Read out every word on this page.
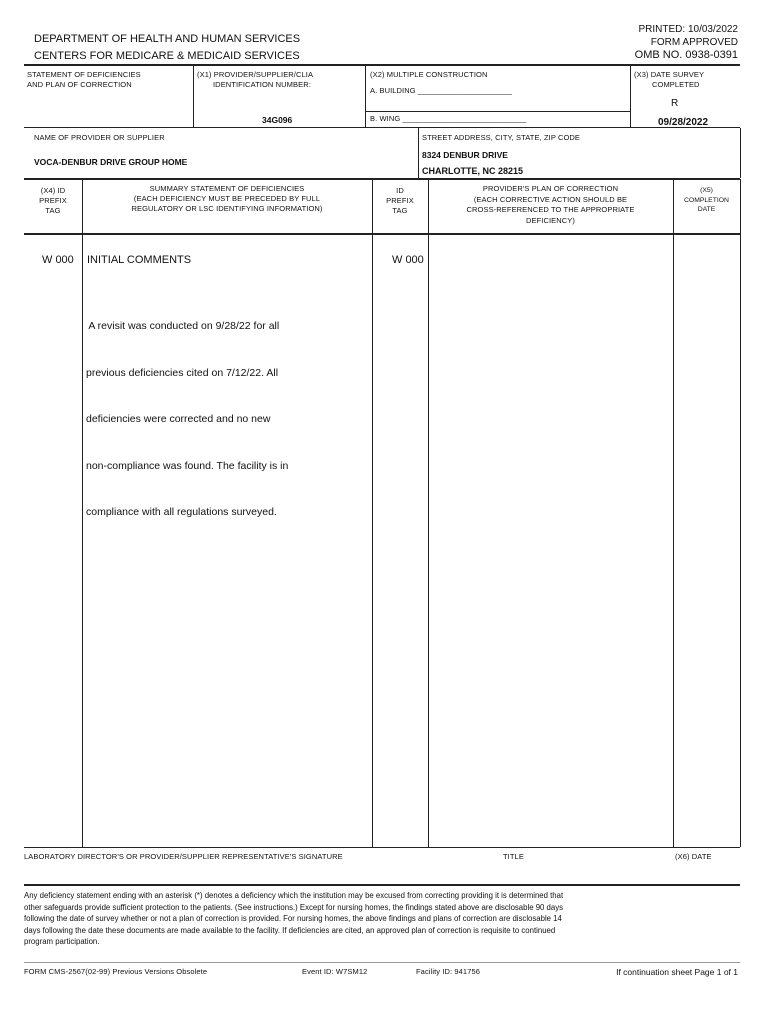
DEPARTMENT OF HEALTH AND HUMAN SERVICES
CENTERS FOR MEDICARE & MEDICAID SERVICES
PRINTED: 10/03/2022
FORM APPROVED
OMB NO. 0938-0391
STATEMENT OF DEFICIENCIES
AND PLAN OF CORRECTION
(X1) PROVIDER/SUPPLIER/CLIA
IDENTIFICATION NUMBER:
34G096
(X2) MULTIPLE CONSTRUCTION
A. BUILDING ______________________
B. WING _____________________________
(X3) DATE SURVEY
COMPLETED
R
09/28/2022
NAME OF PROVIDER OR SUPPLIER
VOCA-DENBUR DRIVE GROUP HOME
STREET ADDRESS, CITY, STATE, ZIP CODE
8324 DENBUR DRIVE
CHARLOTTE, NC 28215
(X4) ID
PREFIX
TAG
SUMMARY STATEMENT OF DEFICIENCIES
(EACH DEFICIENCY MUST BE PRECEDED BY FULL
REGULATORY OR LSC IDENTIFYING INFORMATION)
ID
PREFIX
TAG
PROVIDER'S PLAN OF CORRECTION
(EACH CORRECTIVE ACTION SHOULD BE
CROSS-REFERENCED TO THE APPROPRIATE
DEFICIENCY)
(X5)
COMPLETION
DATE
W 000 INITIAL COMMENTS	W 000

A revisit was conducted on 9/28/22 for all

previous deficiencies cited on 7/12/22. All

deficiencies were corrected and no new

non-compliance was found. The facility is in

compliance with all regulations surveyed.

LABORATORY DIRECTOR'S OR PROVIDER/SUPPLIER REPRESENTATIVE'S SIGNATURE	TITLE	(X6) DATE
Any deficiency statement ending with an asterisk (*) denotes a deficiency which the institution may be excused from correcting providing it is determined that
other safeguards provide sufficient protection to the patients. (See instructions.) Except for nursing homes, the findings stated above are disclosable 90 days
following the date of survey whether or not a plan of correction is provided. For nursing homes, the above findings and plans of correction are disclosable 14
days following the date these documents are made available to the facility. If deficiencies are cited, an approved plan of correction is requisite to continued
program participation.
FORM CMS-2567(02-99) Previous Versions Obsolete	Event ID: W7SM12	Facility ID: 941756	If continuation sheet Page 1 of 1
